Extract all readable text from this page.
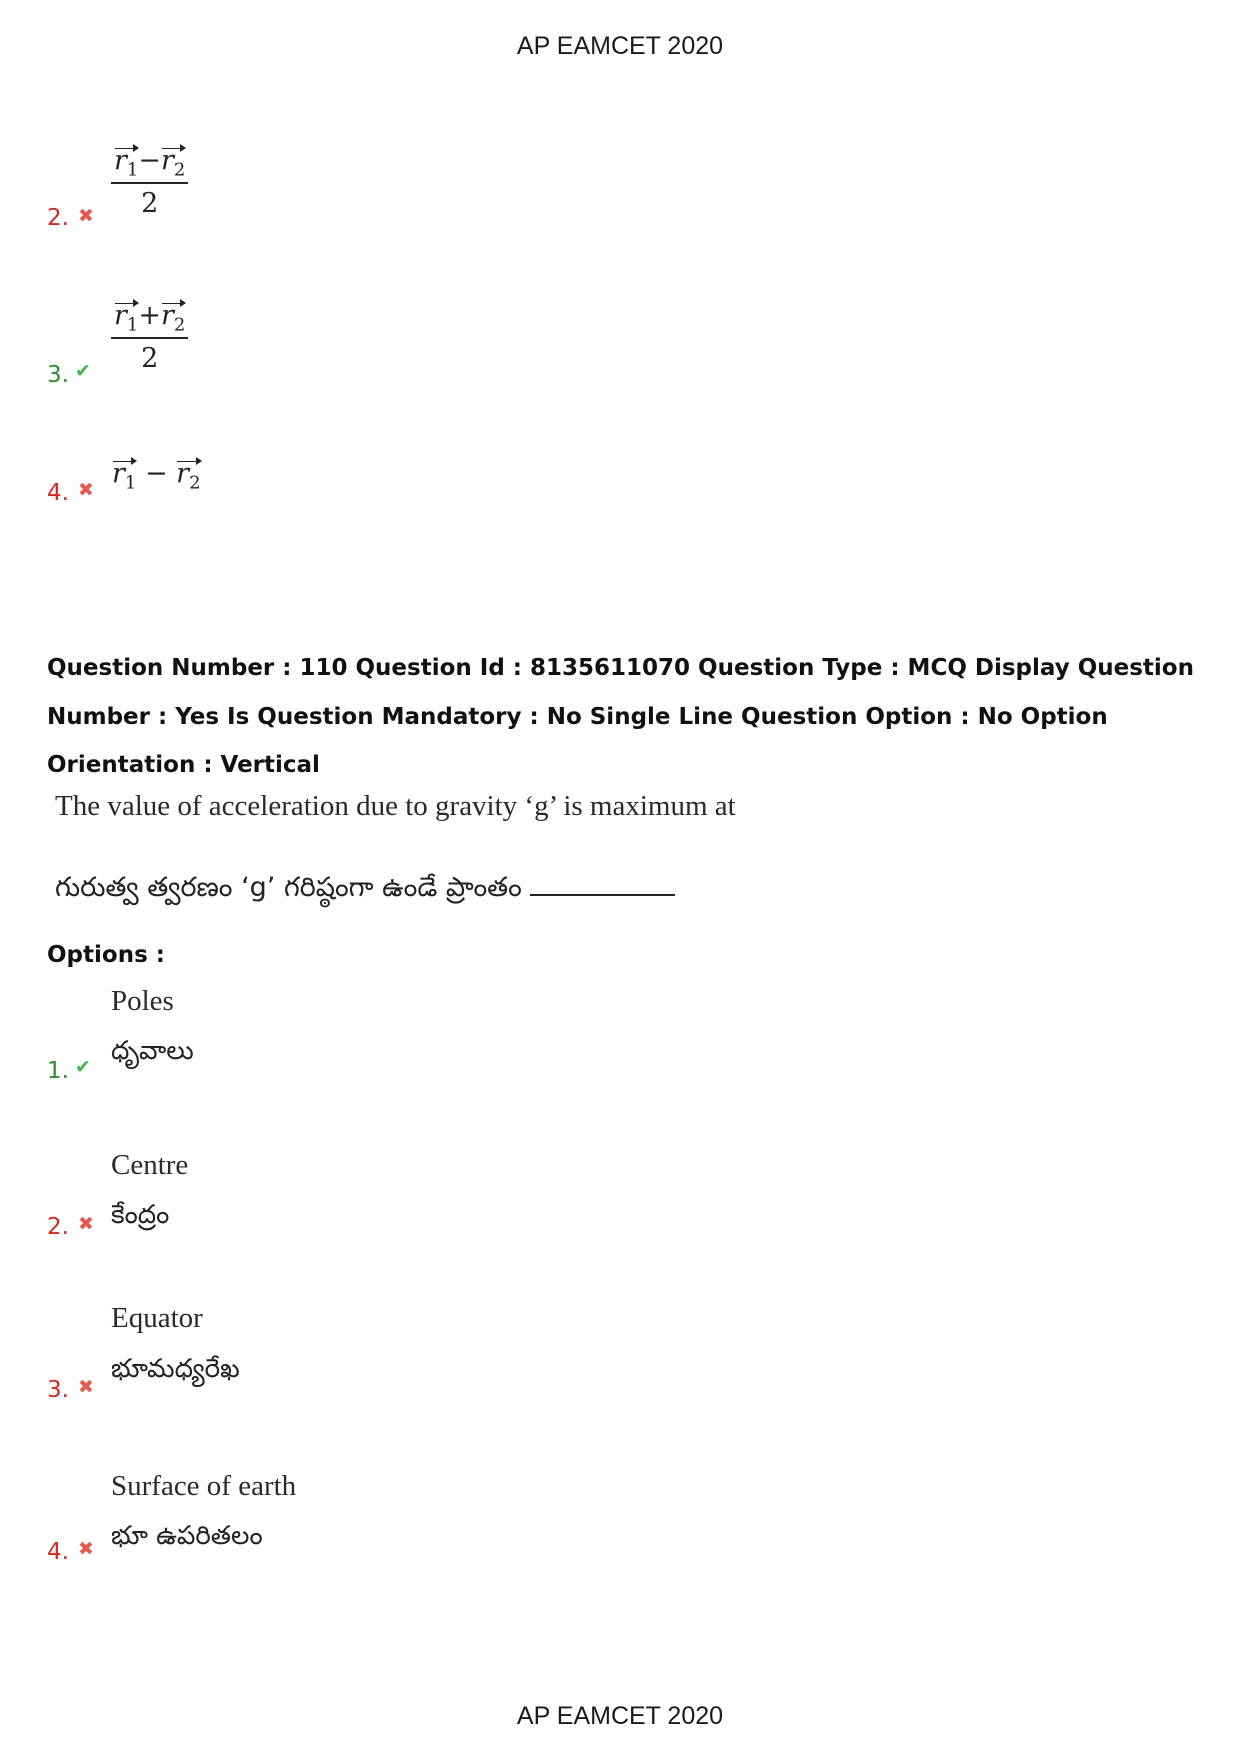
AP EAMCET 2020
2. ✖ $\frac{r_1-r_2}{2}$
3. ✔ $\frac{r_1+r_2}{2}$
4. ✖
$r_1 - r_2$
Question Number : 110 Question Id : 8135611070 Question Type : MCQ Display Question Number : Yes Is Question Mandatory : No Single Line Question Option : No Option Orientation : Vertical
The value of acceleration due to gravity ‘g’ is maximum at
గురుత్వ త్వరణం ‘g’ గరిష్ఠంగా ఉండే ప్రాంతం
Options :
Poles
ధృవాలు
1. ✔
Centre
కేంద్రం
2. ✖
Equator
భూమధ్యరేఖ
3. ✖
Surface of earth
భూ ఉపరితలం
4. ✖
AP EAMCET 2020
